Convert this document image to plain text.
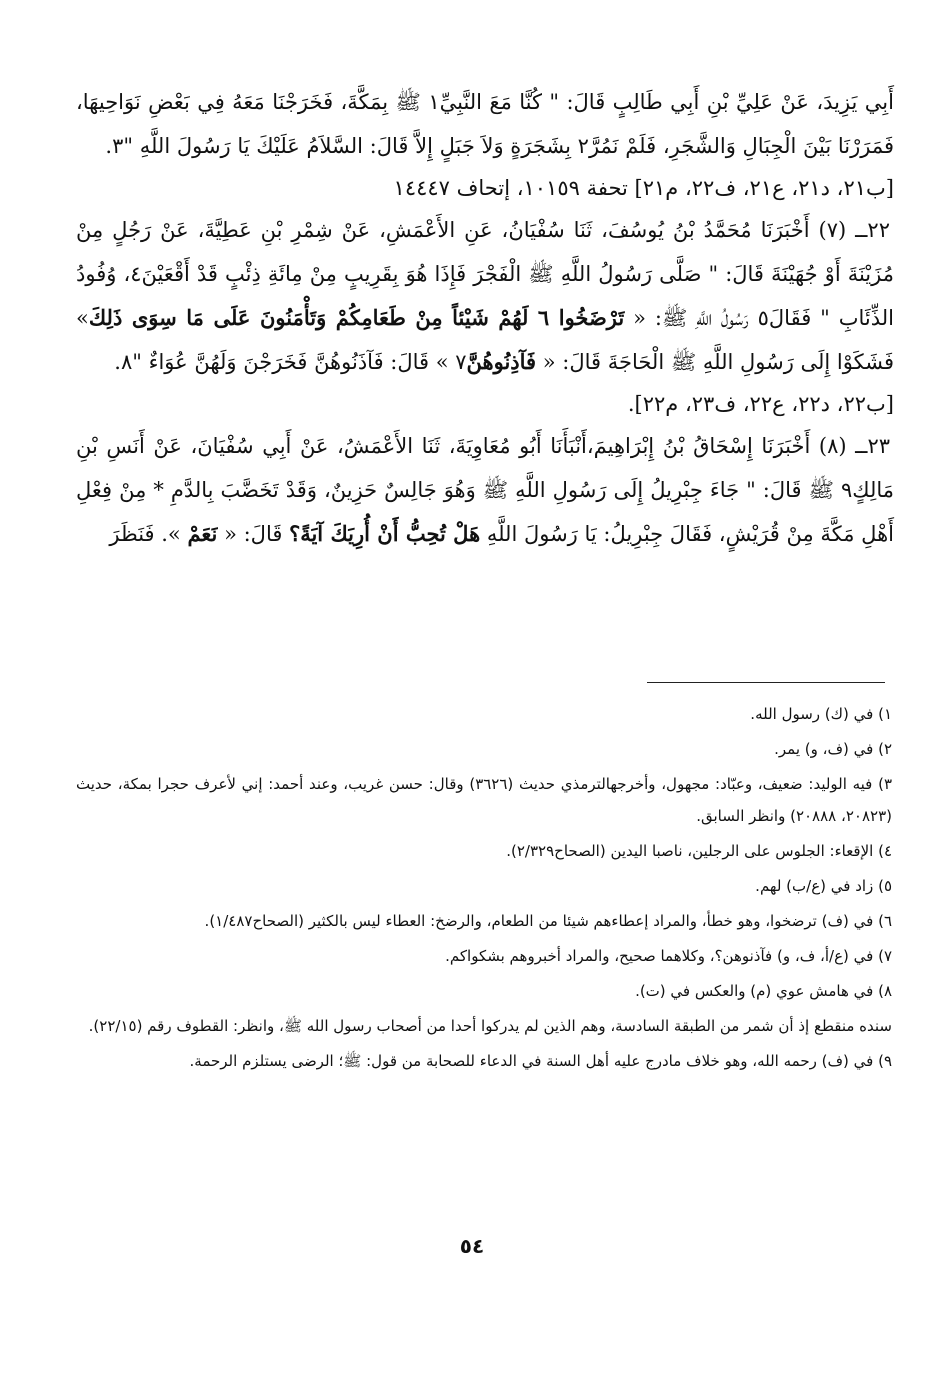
أَبِي يَزِيدَ، عَنْ عَلِيِّ بْنِ أَبِي طَالِبٍ قَالَ: " كُنَّا مَعَ النَّبِيِّ١ ﷺ بِمَكَّةَ، فَخَرَجْنَا مَعَهُ فِي بَعْضِ نَوَاحِيهَا، فَمَرَرْنَا بَيْنَ الْجِبَالِ وَالشَّجَرِ، فَلَمْ نَمُرَّ٢ بِشَجَرَةٍ وَلاَ جَبَلٍ إِلاَّ قَالَ: السَّلاَمُ عَلَيْكَ يَا رَسُولَ اللَّهِ "٣.

[ب٢١، د٢١، ع٢١، ف٢٢، م٢١] تحفة ١٠١٥٩، إتحاف ١٤٤٤٧

٢٢ــ (٧) أَخْبَرَنَا مُحَمَّدُ بْنُ يُوسُفَ، ثَنَا سُفْيَانُ، عَنِ الأَعْمَشِ، عَنْ شِمْرِ بْنِ عَطِيَّةَ، عَنْ رَجُلٍ مِنْ مُزَيْنَةَ أَوْ جُهَيْنَةَ قَالَ: " صَلَّى رَسُولُ اللَّهِ ﷺ الْفَجْرَ فَإِذَا هُوَ بِقَرِيبٍ مِنْ مِائَةِ ذِئْبٍ قَدْ أَقْعَيْنَ٤، وُفُودُ الذِّئَابِ " فَقَالَ٥ رَسُولُ اللَّهِ ﷺ: « تَرْضَخُوا ٦ لَهُمْ شَيْئاً مِنْ طَعَامِكُمْ وَتَأْمَنُونَ عَلَى مَا سِوَى ذَلِكَ» فَشَكَوْا إِلَى رَسُولِ اللَّهِ ﷺ الْحَاجَةَ قَالَ: « فَآذِنُوهُنَّ٧ » قَالَ: فَآذَنُوهُنَّ فَخَرَجْنَ وَلَهُنَّ عُوَاءٌ "٨.

[ب٢٢، د٢٢، ع٢٢، ف٢٣، م٢٢].

٢٣ــ (٨) أَخْبَرَنَا إِسْحَاقُ بْنُ إِبْرَاهِيمَ،أَنْبَأَنَا أَبُو مُعَاوِيَةَ، ثَنَا الأَعْمَشُ، عَنْ أَبِي سُفْيَانَ، عَنْ أَنَسِ بْنِ مَالِكٍ٩ ﷺ قَالَ: " جَاءَ جِبْرِيلُ إِلَى رَسُولِ اللَّهِ ﷺ وَهُوَ جَالِسٌ حَزِينٌ، وَقَدْ تَخَضَّبَ بِالدَّمِ * مِنْ فِعْلِ أَهْلِ مَكَّةَ مِنْ قُرَيْشٍ، فَقَالَ جِبْرِيلُ: يَا رَسُولَ اللَّهِ هَلْ تُحِبُّ أَنْ أُرِيَكَ آيَةً؟ قَالَ: « نَعَمْ ». فَنَظَرَ

١) في (ك) رسول الله.

٢) في (ف، و) يمر.

٣) فيه الوليد: ضعيف، وعبّاد: مجهول، وأخرجهالترمذي حديث (٣٦٢٦) وقال: حسن غريب، وعند أحمد: إني لأعرف حجرا بمكة، حديث (٢٠٨٢٣، ٢٠٨٨٨) وانظر السابق.

٤) الإقعاء: الجلوس على الرجلين، ناصبا اليدين (الصحاح٢/٣٢٩).

٥) زاد في (ع/ب) لهم.

٦) في (ف) ترضخوا، وهو خطأ، والمراد إعطاءهم شيئا من الطعام، والرضخ: العطاء ليس بالكثير (الصحاح١/٤٨٧).

٧) في (ع/أ، ف، و) فآذنوهن؟، وكلاهما صحيح، والمراد أخبروهم بشكواكم.

٨) في هامش عوي (م) والعكس في (ت).

سنده منقطع إذ أن شمر من الطبقة السادسة، وهم الذين لم يدركوا أحدا من أصحاب رسول الله ﷺ، وانظر: القطوف رقم (٢٢/١٥).

٩) في (ف) رحمه الله، وهو خلاف مادرج عليه أهل السنة في الدعاء للصحابة من قول: ﷺ؛ الرضى يستلزم الرحمة.

٥٤
